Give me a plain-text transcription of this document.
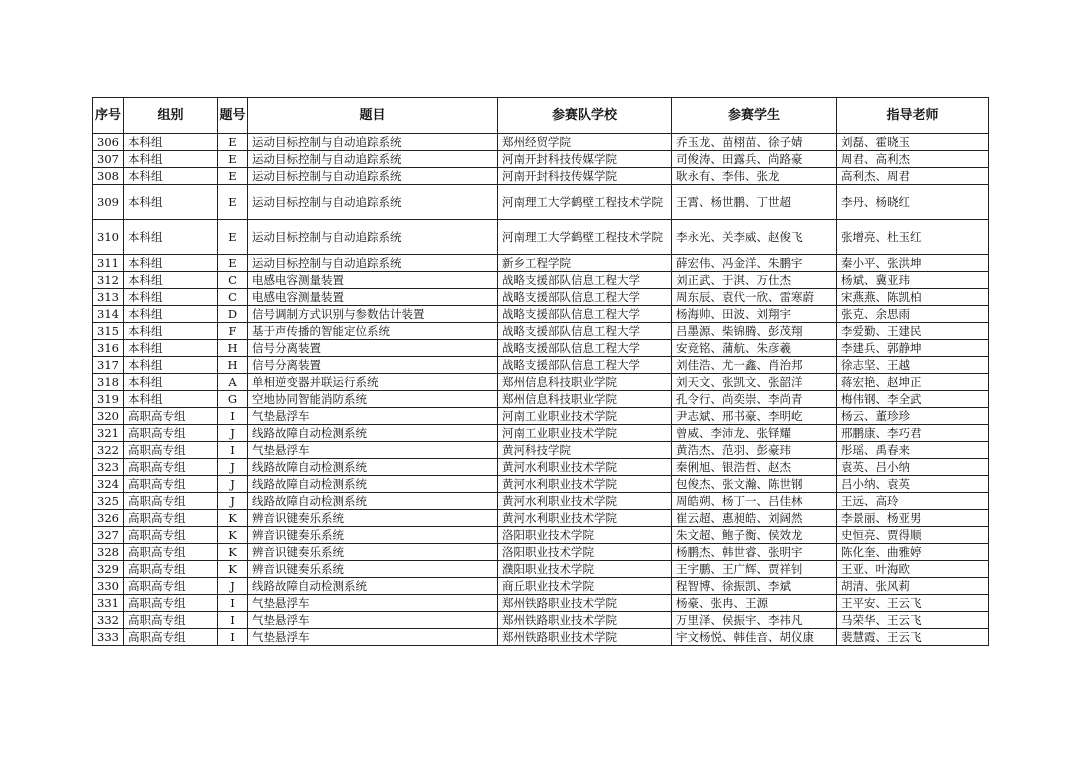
序号	组别	题号	题目	参赛队学校	参赛学生	指导老师
306	本科组	E	运动目标控制与自动追踪系统	郑州经贸学院	乔玉龙、苗栩苗、徐子婧	刘磊、霍晓玉
307	本科组	E	运动目标控制与自动追踪系统	河南开封科技传媒学院	司俊涛、田露兵、尚路豪	周君、高利杰
308	本科组	E	运动目标控制与自动追踪系统	河南开封科技传媒学院	耿永有、李伟、张龙	高利杰、周君
309	本科组	E	运动目标控制与自动追踪系统	河南理工大学鹤壁工程技术学院	王霄、杨世鹏、丁世超	李丹、杨晓红
310	本科组	E	运动目标控制与自动追踪系统	河南理工大学鹤壁工程技术学院	李永光、关李威、赵俊飞	张增亮、杜玉红
311	本科组	E	运动目标控制与自动追踪系统	新乡工程学院	薛宏伟、冯金洋、朱鹏宇	秦小平、张洪坤
312	本科组	C	电感电容测量装置	战略支援部队信息工程大学	刘正武、于淇、万仕杰	杨斌、冀亚玮
313	本科组	C	电感电容测量装置	战略支援部队信息工程大学	周东辰、袁代一欣、雷寒蔚	宋燕燕、陈凯柏
314	本科组	D	信号调制方式识别与参数估计装置	战略支援部队信息工程大学	杨海帅、田波、刘翔宇	张克、余思雨
315	本科组	F	基于声传播的智能定位系统	战略支援部队信息工程大学	吕墨源、柴锦腾、彭茂翔	李爱勤、王建民
316	本科组	H	信号分离装置	战略支援部队信息工程大学	安竞铭、蒲航、朱彦羲	李建兵、郭静坤
317	本科组	H	信号分离装置	战略支援部队信息工程大学	刘佳浩、尤一鑫、肖治邦	徐志坚、王越
318	本科组	A	单相逆变器并联运行系统	郑州信息科技职业学院	刘天文、张凯文、张韶洋	蒋宏艳、赵坤正
319	本科组	G	空地协同智能消防系统	郑州信息科技职业学院	孔令行、尚奕崇、李尚青	梅伟钢、李全武
320	高职高专组	I	气垫悬浮车	河南工业职业技术学院	尹志斌、邢书豪、李明屹	杨云、董珍珍
321	高职高专组	J	线路故障自动检测系统	河南工业职业技术学院	曾威、李沛龙、张铎耀	邢鹏康、李巧君
322	高职高专组	I	气垫悬浮车	黄河科技学院	黄浩杰、范羽、彭豪玮	彤瑶、禹春来
323	高职高专组	J	线路故障自动检测系统	黄河水利职业技术学院	秦俐旭、银浩哲、赵杰	袁英、吕小纳
324	高职高专组	J	线路故障自动检测系统	黄河水利职业技术学院	包俊杰、张文瀚、陈世钢	吕小纳、袁英
325	高职高专组	J	线路故障自动检测系统	黄河水利职业技术学院	周皓朔、杨丁一、吕佳林	王远、高玲
326	高职高专组	K	辨音识键奏乐系统	黄河水利职业技术学院	崔云超、惠昶皓、刘阔然	李景丽、杨亚男
327	高职高专组	K	辨音识键奏乐系统	洛阳职业技术学院	朱文超、鲍子衡、侯效龙	史恒亮、贾得顺
328	高职高专组	K	辨音识键奏乐系统	洛阳职业技术学院	杨鹏杰、韩世睿、张明宇	陈化奎、曲雅婷
329	高职高专组	K	辨音识键奏乐系统	濮阳职业技术学院	王宇鹏、王广辉、贾祥钊	王亚、叶海欧
330	高职高专组	J	线路故障自动检测系统	商丘职业技术学院	程智博、徐振凯、李斌	胡清、张风莉
331	高职高专组	I	气垫悬浮车	郑州铁路职业技术学院	杨豪、张冉、王源	王平安、王云飞
332	高职高专组	I	气垫悬浮车	郑州铁路职业技术学院	万里泽、侯振宇、李祎凡	马荣华、王云飞
333	高职高专组	I	气垫悬浮车	郑州铁路职业技术学院	宇文杨悦、韩佳音、胡仪康	裴慧霞、王云飞
